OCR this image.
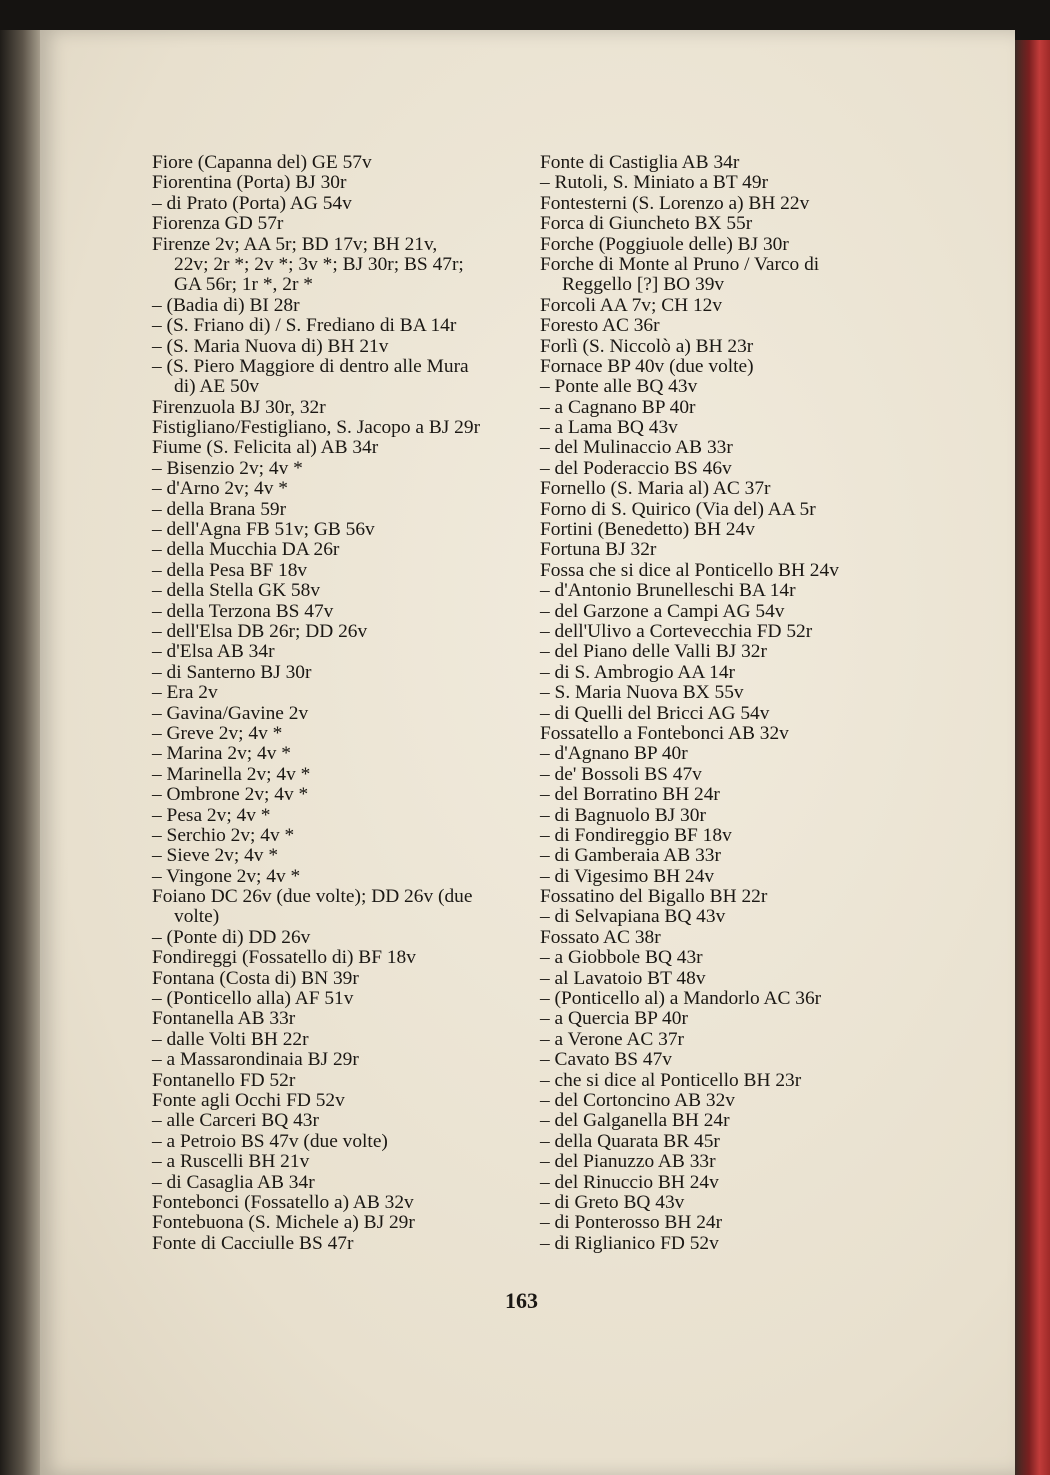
Fiore (Capanna del) GE 57v
Fiorentina (Porta) BJ 30r
– di Prato (Porta) AG 54v
Fiorenza GD 57r
Firenze 2v; AA 5r; BD 17v; BH 21v,
22v; 2r *; 2v *; 3v *; BJ 30r; BS 47r;
GA 56r; 1r *, 2r *
– (Badia di) BI 28r
– (S. Friano di) / S. Frediano di BA 14r
– (S. Maria Nuova di) BH 21v
– (S. Piero Maggiore di dentro alle Mura
di) AE 50v
Firenzuola BJ 30r, 32r
Fistigliano/Festigliano, S. Jacopo a BJ 29r
Fiume (S. Felicita al) AB 34r
– Bisenzio 2v; 4v *
– d'Arno 2v; 4v *
– della Brana 59r
– dell'Agna FB 51v; GB 56v
– della Mucchia DA 26r
– della Pesa BF 18v
– della Stella GK 58v
– della Terzona BS 47v
– dell'Elsa DB 26r; DD 26v
– d'Elsa AB 34r
– di Santerno BJ 30r
– Era 2v
– Gavina/Gavine 2v
– Greve 2v; 4v *
– Marina 2v; 4v *
– Marinella 2v; 4v *
– Ombrone 2v; 4v *
– Pesa 2v; 4v *
– Serchio 2v; 4v *
– Sieve 2v; 4v *
– Vingone 2v; 4v *
Foiano DC 26v (due volte); DD 26v (due
volte)
– (Ponte di) DD 26v
Fondireggi (Fossatello di) BF 18v
Fontana (Costa di) BN 39r
– (Ponticello alla) AF 51v
Fontanella AB 33r
– dalle Volti BH 22r
– a Massarondinaia BJ 29r
Fontanello FD 52r
Fonte agli Occhi FD 52v
– alle Carceri BQ 43r
– a Petroio BS 47v (due volte)
– a Ruscelli BH 21v
– di Casaglia AB 34r
Fontebonci (Fossatello a) AB 32v
Fontebuona (S. Michele a) BJ 29r
Fonte di Cacciulle BS 47r
Fonte di Castiglia AB 34r
– Rutoli, S. Miniato a BT 49r
Fontesterni (S. Lorenzo a) BH 22v
Forca di Giuncheto BX 55r
Forche (Poggiuole delle) BJ 30r
Forche di Monte al Pruno / Varco di
Reggello [?] BO 39v
Forcoli AA 7v; CH 12v
Foresto AC 36r
Forlì (S. Niccolò a) BH 23r
Fornace BP 40v (due volte)
– Ponte alle BQ 43v
– a Cagnano BP 40r
– a Lama BQ 43v
– del Mulinaccio AB 33r
– del Poderaccio BS 46v
Fornello (S. Maria al) AC 37r
Forno di S. Quirico (Via del) AA 5r
Fortini (Benedetto) BH 24v
Fortuna BJ 32r
Fossa che si dice al Ponticello BH 24v
– d'Antonio Brunelleschi BA 14r
– del Garzone a Campi AG 54v
– dell'Ulivo a Cortevecchia FD 52r
– del Piano delle Valli BJ 32r
– di S. Ambrogio AA 14r
– S. Maria Nuova BX 55v
– di Quelli del Bricci AG 54v
Fossatello a Fontebonci AB 32v
– d'Agnano BP 40r
– de' Bossoli BS 47v
– del Borratino BH 24r
– di Bagnuolo BJ 30r
– di Fondireggio BF 18v
– di Gamberaia AB 33r
– di Vigesimo BH 24v
Fossatino del Bigallo BH 22r
– di Selvapiana BQ 43v
Fossato AC 38r
– a Giobbole BQ 43r
– al Lavatoio BT 48v
– (Ponticello al) a Mandorlo AC 36r
– a Quercia BP 40r
– a Verone AC 37r
– Cavato BS 47v
– che si dice al Ponticello BH 23r
– del Cortoncino AB 32v
– del Galganella BH 24r
– della Quarata BR 45r
– del Pianuzzo AB 33r
– del Rinuccio BH 24v
– di Greto BQ 43v
– di Ponterosso BH 24r
– di Riglianico FD 52v
163
